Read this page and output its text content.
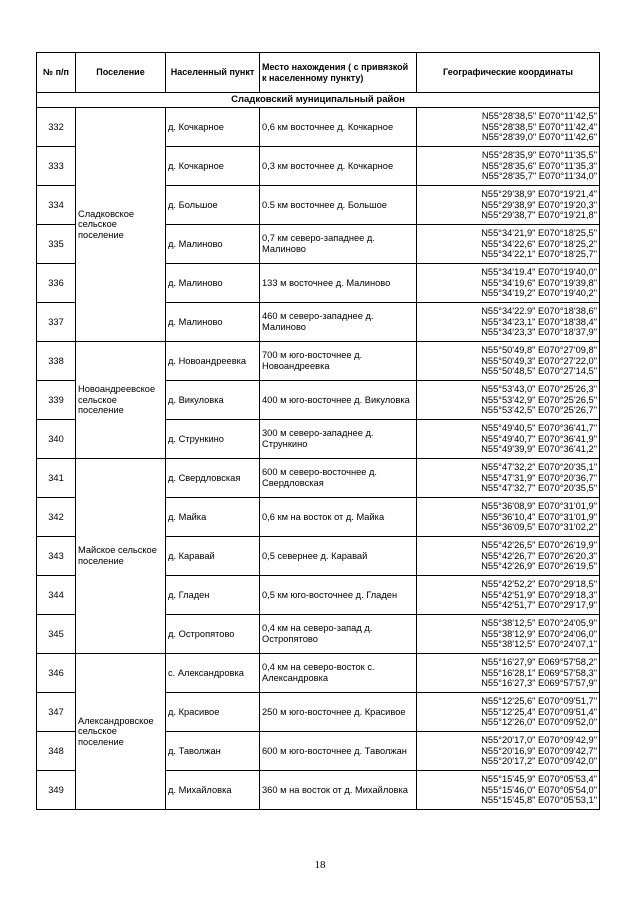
№ п/п	Поселение	Населенный пункт	Место нахождения ( с привязкой к населенному пункту)	Географические координаты
Сладковский муниципальный район				
332	Сладковское сельское поселение	д. Кочкарное	0,6 км восточнее д. Кочкарное	N55°28'38,5" E070°11'42,5"
N55°28'38,5" E070°11'42,4"
N55°28'39,0" E070°11'42,6"

333		д. Кочкарное	0,3 км восточнее д. Кочкарное	N55°28'35,9" E070°11'35,5"
N55°28'35,6" E070°11'35,3"
N55°28'35,7" E070°11'34,0"

334		д. Большое	0.5 км восточнее д. Большое	N55°29'38,9" E070°19'21,4"
N55°29'38,9" E070°19'20,3"
N55°29'38,7" E070°19'21,8"

335		д. Малиново	0,7 км северо-западнее д. Малиново	N55°34'21,9" E070°18'25,5"
N55°34'22,6" E070°18'25,2"
N55°34'22,1" E070°18'25,7"

336		д. Малиново	133 м восточнее д. Малиново	N55°34'19.4" E070°19'40,0"
N55°34'19,6" E070°19'39,8"
N55°34'19,2" E070°19'40,2"

337		д. Малиново	460 м северо-западнее д. Малиново	N55°34'22.9" E070°18'38,6"
N55°34'23,1" E070°18'38,4"
N55°34'23,3" E070°18'37,9"

338	Новоандреевское сельское поселение	д. Новоандреевка	700 м юго-восточнее д. Новоандреевка	N55°50'49,8" E070°27'09,8"
N55°50'49,3" E070°27'22,0"
N55°50'48,5" E070°27'14,5"

339		д. Викуловка	400 м юго-восточнее д. Викуловка	N55°53'43,0" E070°25'26,3"
N55°53'42,9" E070°25'26,5"
N55°53'42,5" E070°25'26,7"

340		д. Стрункино	300 м северо-западнее д. Стрункино	N55°49'40,5" E070°36'41,7"
N55°49'40,7" E070°36'41,9"
N55°49'39,9" E070°36'41,2"

341	Майское сельское поселение	д. Свердловская	600 м северо-восточнее д. Свердловская	N55°47'32,2" E070°20'35,1"
N55°47'31,9" E070°20'36,7"
N55°47'32,7" E070°20'35,5"

342		д. Майка	0,6 км на восток от д. Майка	N55°36'08,9" E070°31'01,9"
N55°36'10,4" E070°31'01,9"
N55°36'09,5" E070°31'02,2"

343		д. Каравай	0,5 севернее д. Каравай	N55°42'26,5" E070°26'19,9"
N55°42'26,7" E070°26'20,3"
N55°42'26,9" E070°26'19,5"

344		д. Гладен	0,5 км юго-восточнее д. Гладен	N55°42'52,2" E070°29'18,5"
N55°42'51,9" E070°29'18,3"
N55°42'51,7" E070°29'17,9"

345		д. Остропятово	0,4 км на северо-запад д. Остропятово	N55°38'12,5" E070°24'05,9"
N55°38'12,9" E070°24'06,0"
N55°38'12,5" E070°24'07,1"

346	Александровское сельское поселение	с. Александровка	0,4 км на северо-восток с. Александровка	N55°16'27,9" E069°57'58,2"
N55°16'28,1" E069°57'58,3"
N55°16'27,3" E069°57'57,9"

347		д. Красивое	250 м юго-восточнее д. Красивое	N55°12'25,6" E070°09'51,7"
N55°12'25,4" E070°09'51,4"
N55°12'26,0" E070°09'52,0"

348		д. Таволжан	600 м юго-восточнее д. Таволжан	N55°20'17,0" E070°09'42,9"
N55°20'16,9" E070°09'42,7"
N55°20'17,2" E070°09'42,0"

349		д. Михайловка	360 м на восток от д. Михайловка	N55°15'45,9" E070°05'53,4"
N55°15'46,0" E070°05'54,0"
N55°15'45,8" E070°05'53,1"
18
